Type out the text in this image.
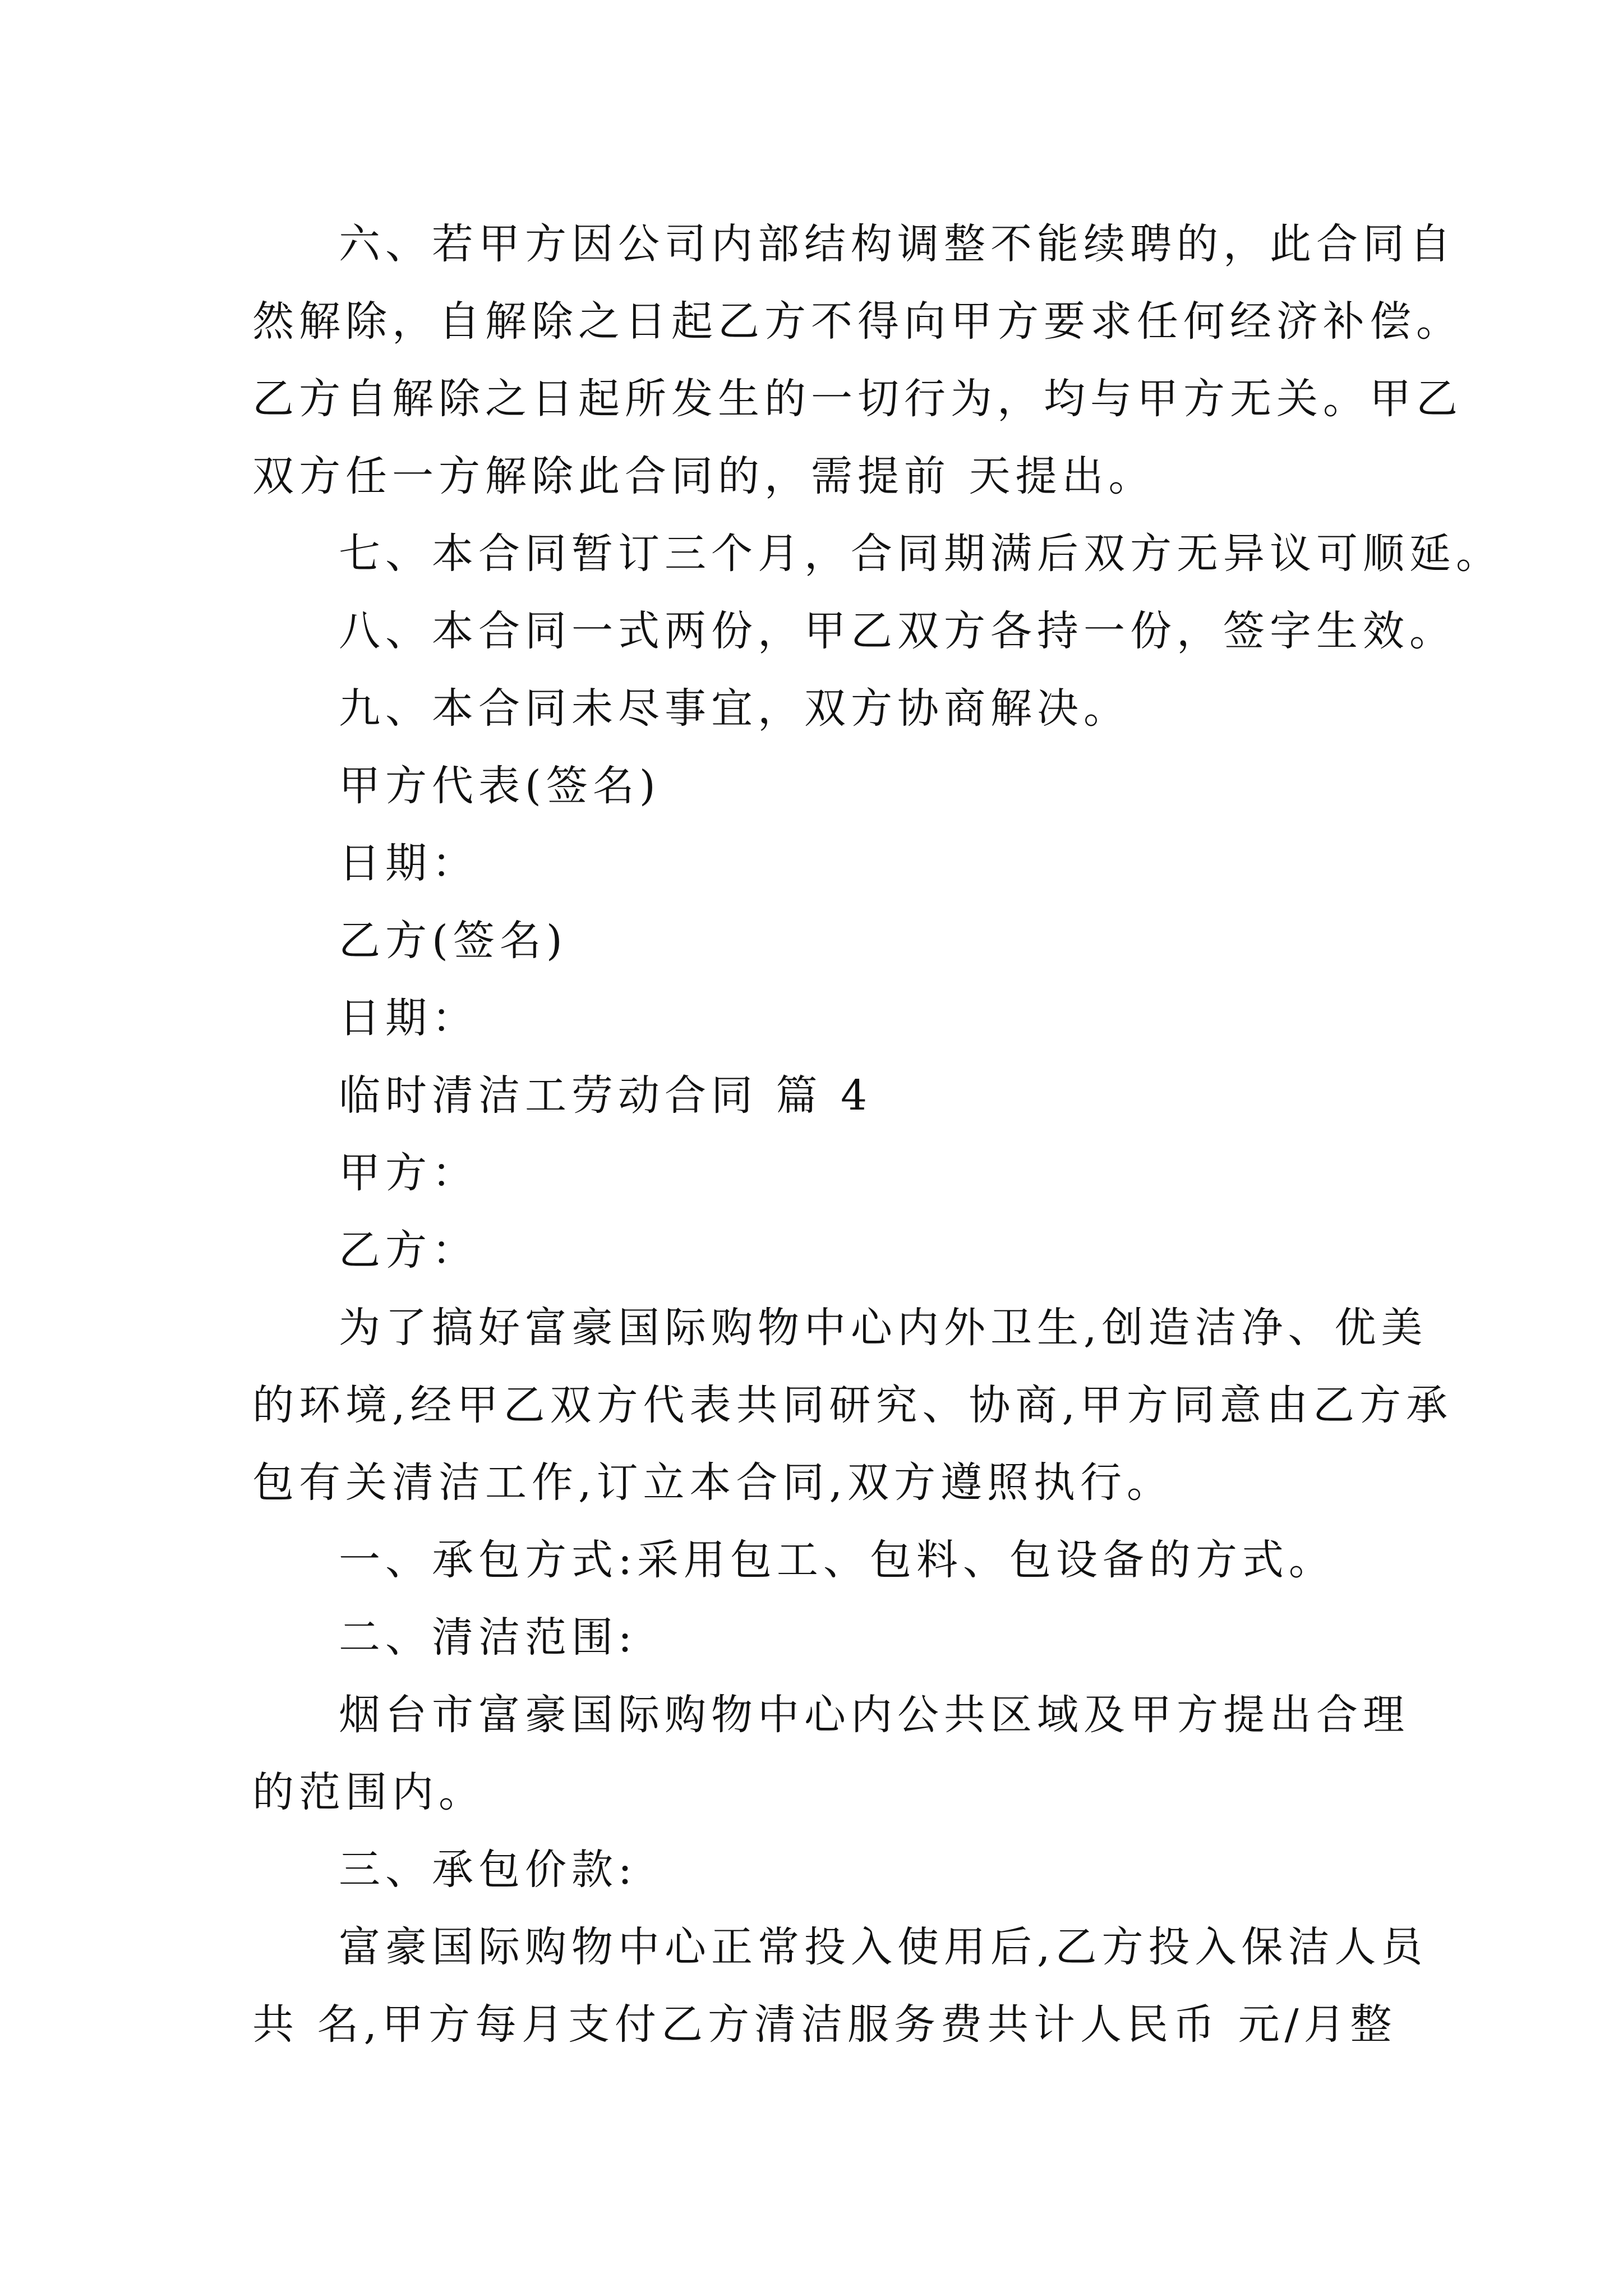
六、若甲方因公司内部结构调整不能续聘的，此合同自
然解除，自解除之日起乙方不得向甲方要求任何经济补偿。
乙方自解除之日起所发生的一切行为，均与甲方无关。甲乙
双方任一方解除此合同的，需提前 天提出。
七、本合同暂订三个月，合同期满后双方无异议可顺延。
八、本合同一式两份，甲乙双方各持一份，签字生效。
九、本合同未尽事宜，双方协商解决。
甲方代表(签名)
日期：
乙方(签名)
日期：
临时清洁工劳动合同 篇 4
甲方：
乙方：
为了搞好富豪国际购物中心内外卫生,创造洁净、优美
的环境,经甲乙双方代表共同研究、协商,甲方同意由乙方承
包有关清洁工作,订立本合同,双方遵照执行。
一、承包方式:采用包工、包料、包设备的方式。
二、清洁范围:
烟台市富豪国际购物中心内公共区域及甲方提出合理
的范围内。
三、承包价款:
富豪国际购物中心正常投入使用后,乙方投入保洁人员
共 名,甲方每月支付乙方清洁服务费共计人民币 元/月整
